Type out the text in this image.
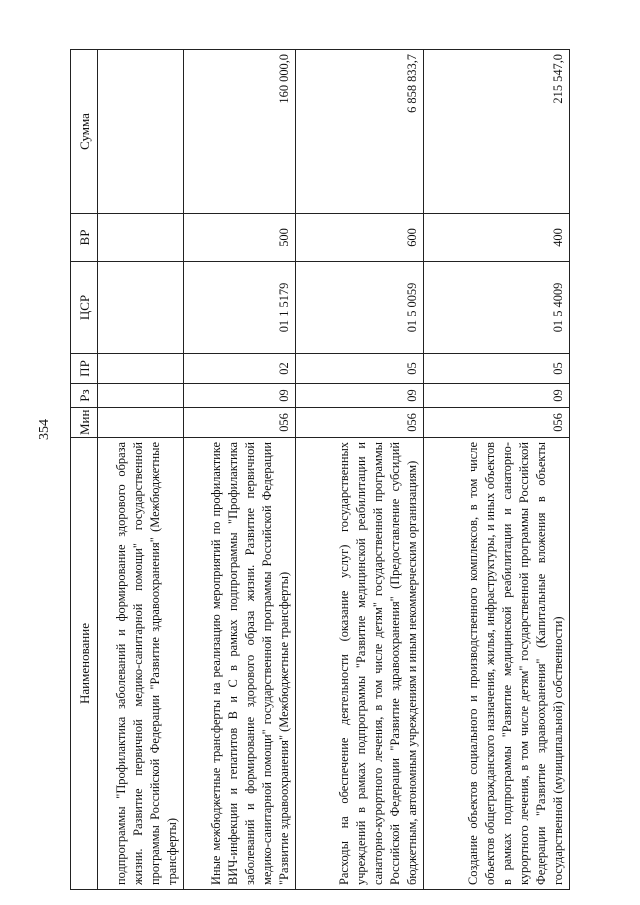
354
Наименование	Мин	Рз	ПР	ЦСР	ВР	Сумма
подпрограммы "Профилактика заболеваний и формирование здорового образа жизни. Развитие первичной медико-санитарной помощи" государственной программы Российской Федерации "Развитие здравоохранения" (Межбюджетные трансферты)						
Иные межбюджетные трансферты на реализацию мероприятий по профилактике ВИЧ-инфекции и гепатитов B и C в рамках подпрограммы "Профилактика заболеваний и формирование здорового образа жизни. Развитие первичной медико-санитарной помощи" государственной программы Российской Федерации "Развитие здравоохранения" (Межбюджетные трансферты)	056	09	02	01 1 5179	500	160 000,0
Расходы на обеспечение деятельности (оказание услуг) государственных учреждений в рамках подпрограммы "Развитие медицинской реабилитации и санаторно-курортного лечения, в том числе детям" государственной программы Российской Федерации "Развитие здравоохранения" (Предоставление субсидий бюджетным, автономным учреждениям и иным некоммерческим организациям)	056	09	05	01 5 0059	600	6 858 833,7
Создание объектов социального и производственного комплексов, в том числе объектов общегражданского назначения, жилья, инфраструктуры, и иных объектов в рамках подпрограммы "Развитие медицинской реабилитации и санаторно-курортного лечения, в том числе детям" государственной программы Российской Федерации "Развитие здравоохранения" (Капитальные вложения в объекты государственной (муниципальной) собственности)	056	09	05	01 5 4009	400	215 547,0
